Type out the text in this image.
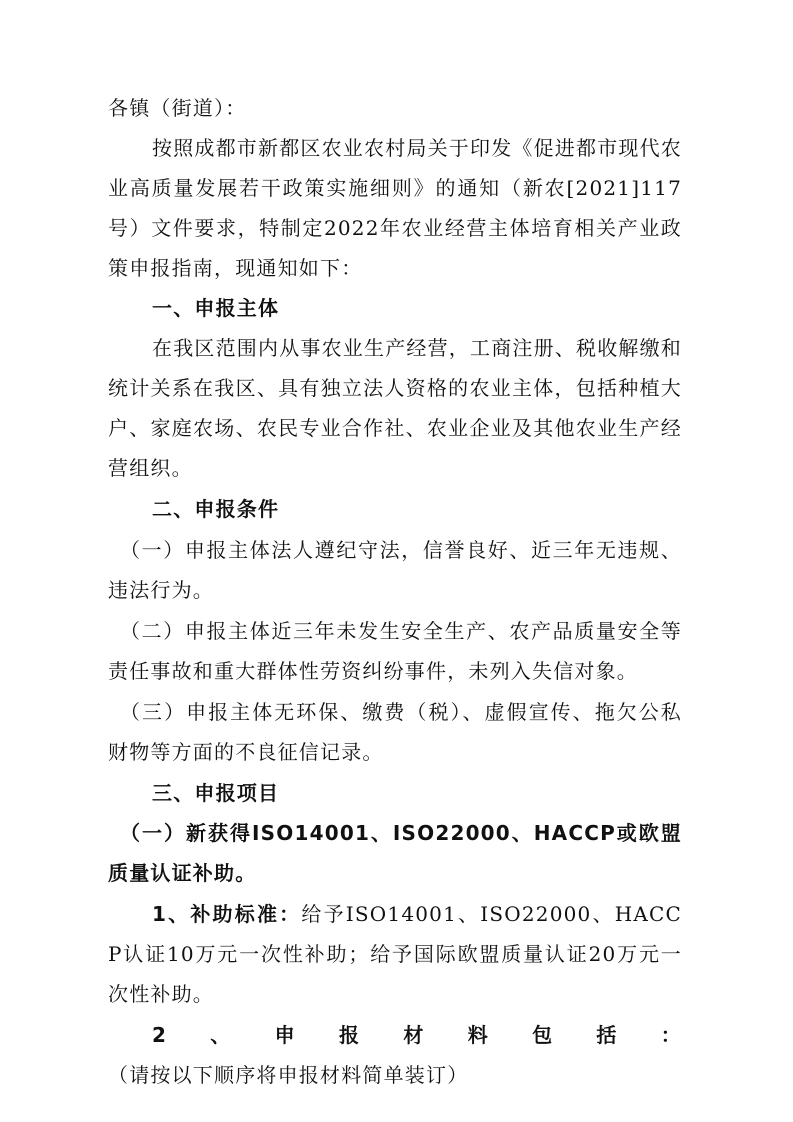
各镇（街道）：

按照成都市新都区农业农村局关于印发《促进都市现代农业高质量发展若干政策实施细则》的通知（新农[2021]117号）文件要求，特制定2022年农业经营主体培育相关产业政策申报指南，现通知如下：

一、申报主体

在我区范围内从事农业生产经营，工商注册、税收解缴和统计关系在我区、具有独立法人资格的农业主体，包括种植大户、家庭农场、农民专业合作社、农业企业及其他农业生产经营组织。

二、申报条件

（一）申报主体法人遵纪守法，信誉良好、近三年无违规、违法行为。

（二）申报主体近三年未发生安全生产、农产品质量安全等责任事故和重大群体性劳资纠纷事件，未列入失信对象。

（三）申报主体无环保、缴费（税）、虚假宣传、拖欠公私财物等方面的不良征信记录。

三、申报项目

（一）新获得ISO14001、ISO22000、HACCP或欧盟质量认证补助。

1、补助标准：给予ISO14001、ISO22000、HACCP认证10万元一次性补助；给予国际欧盟质量认证20万元一次性补助。

2、申报材料包括：（请按以下顺序将申报材料简单装订）
